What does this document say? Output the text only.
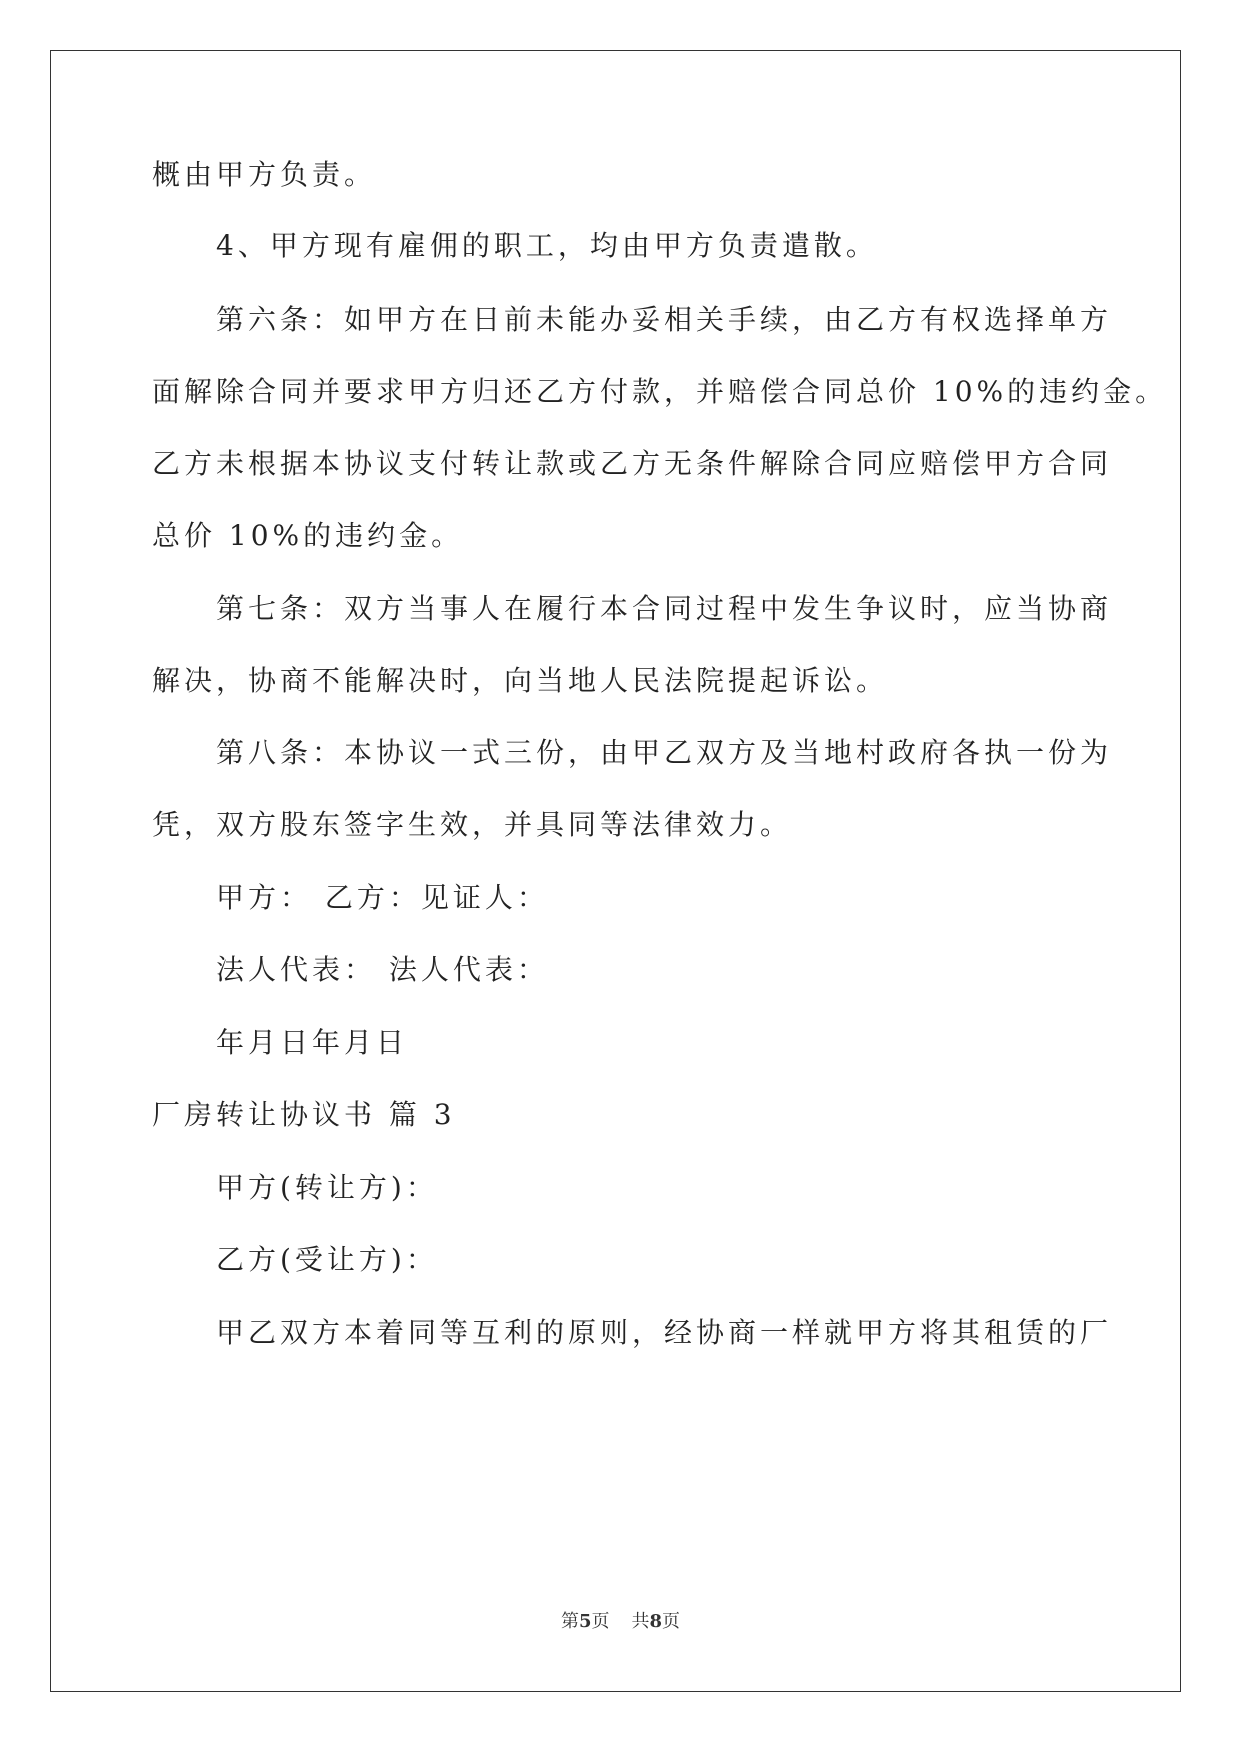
概由甲方负责。
4、甲方现有雇佣的职工，均由甲方负责遣散。
第六条：如甲方在日前未能办妥相关手续，由乙方有权选择单方
面解除合同并要求甲方归还乙方付款，并赔偿合同总价 10%的违约金。
乙方未根据本协议支付转让款或乙方无条件解除合同应赔偿甲方合同
总价 10%的违约金。
第七条：双方当事人在履行本合同过程中发生争议时，应当协商
解决，协商不能解决时，向当地人民法院提起诉讼。
第八条：本协议一式三份，由甲乙双方及当地村政府各执一份为
凭，双方股东签字生效，并具同等法律效力。
甲方： 乙方：见证人：
法人代表： 法人代表：
年月日年月日
厂房转让协议书 篇 3
甲方(转让方)：
乙方(受让方)：
甲乙双方本着同等互利的原则，经协商一样就甲方将其租赁的厂
第5页 共8页
